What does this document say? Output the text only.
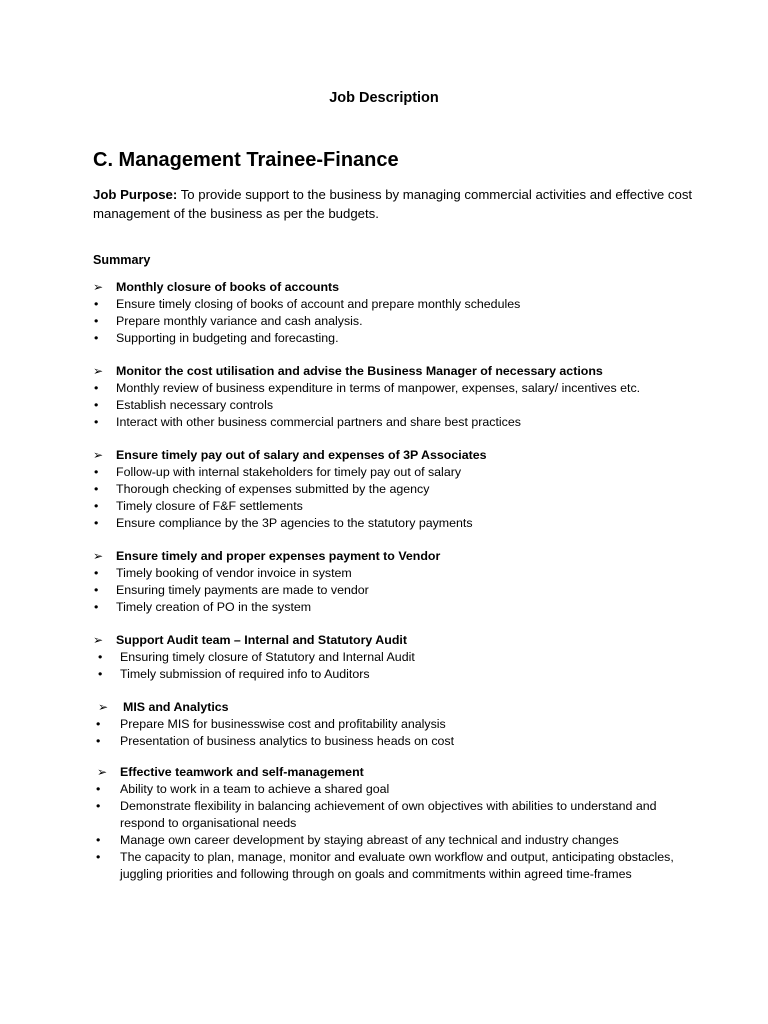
Job Description
C. Management Trainee-Finance
Job Purpose: To provide support to the business by managing commercial activities and effective cost management of the business as per the budgets.
Summary
➢ Monthly closure of books of accounts
• Ensure timely closing of books of account and prepare monthly schedules
• Prepare monthly variance and cash analysis.
• Supporting in budgeting and forecasting.
➢ Monitor the cost utilisation and advise the Business Manager of necessary actions
• Monthly review of business expenditure in terms of manpower, expenses, salary/ incentives etc.
• Establish necessary controls
• Interact with other business commercial partners and share best practices
➢ Ensure timely pay out of salary and expenses of 3P Associates
• Follow-up with internal stakeholders for timely pay out of salary
• Thorough checking of expenses submitted by the agency
• Timely closure of F&F settlements
• Ensure compliance by the 3P agencies to the statutory payments
➢ Ensure timely and proper expenses payment to Vendor
• Timely booking of vendor invoice in system
• Ensuring timely payments are made to vendor
• Timely creation of PO in the system
➢ Support Audit team – Internal and Statutory Audit
• Ensuring timely closure of Statutory and Internal Audit
• Timely submission of required info to Auditors
➢ MIS and Analytics
• Prepare MIS for businesswise cost and profitability analysis
• Presentation of business analytics to business heads on cost
➢ Effective teamwork and self-management
• Ability to work in a team to achieve a shared goal
• Demonstrate flexibility in balancing achievement of own objectives with abilities to understand and respond to organisational needs
• Manage own career development by staying abreast of any technical and industry changes
• The capacity to plan, manage, monitor and evaluate own workflow and output, anticipating obstacles, juggling priorities and following through on goals and commitments within agreed time-frames
